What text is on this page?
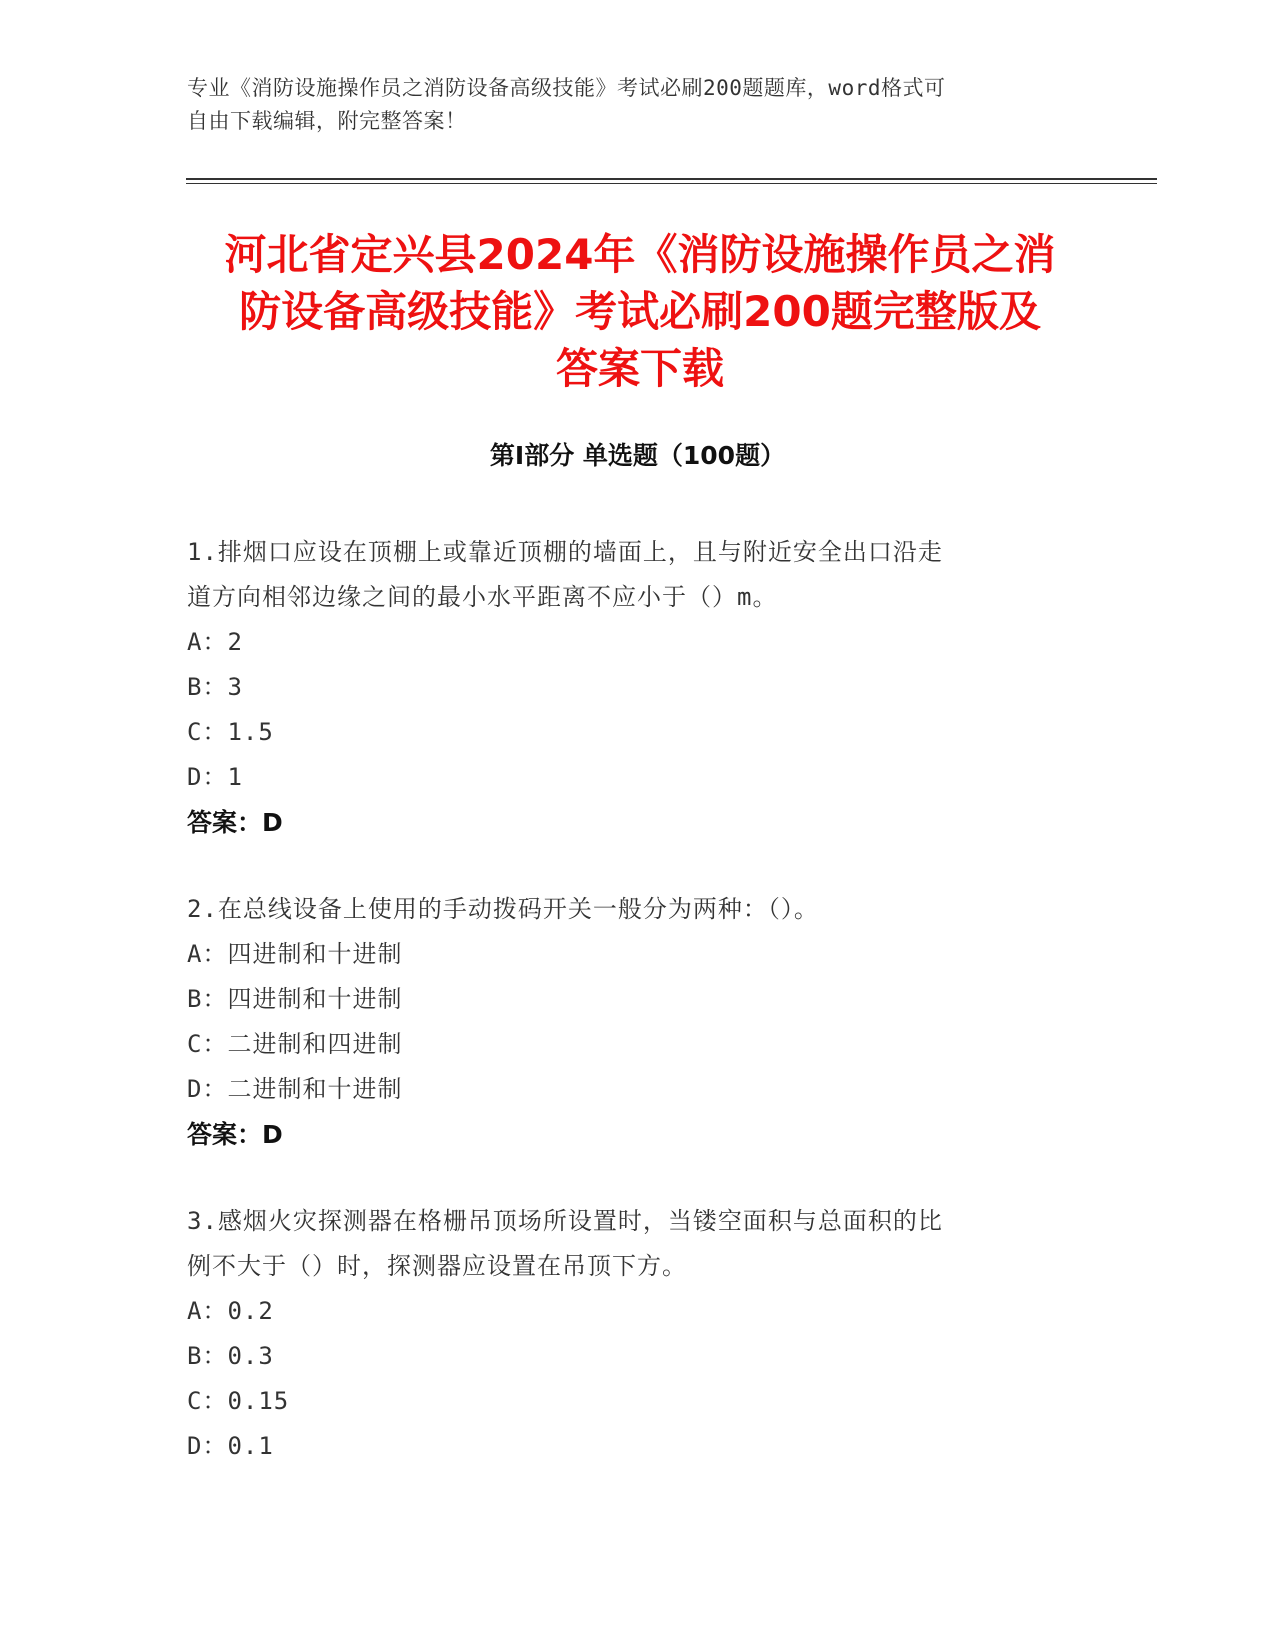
专业《消防设施操作员之消防设备高级技能》考试必刷200题题库，word格式可
自由下载编辑，附完整答案！
河北省定兴县2024年《消防设施操作员之消
防设备高级技能》考试必刷200题完整版及
答案下载
第Ⅰ部分 单选题（100题）
1.排烟口应设在顶棚上或靠近顶棚的墙面上，且与附近安全出口沿走
道方向相邻边缘之间的最小水平距离不应小于（）m。
A：2
B：3
C：1.5
D：1
答案：D
2.在总线设备上使用的手动拨码开关一般分为两种：（）。
A：四进制和十进制
B：四进制和十进制
C：二进制和四进制
D：二进制和十进制
答案：D
3.感烟火灾探测器在格栅吊顶场所设置时，当镂空面积与总面积的比
例不大于（）时，探测器应设置在吊顶下方。
A：0.2
B：0.3
C：0.15
D：0.1
